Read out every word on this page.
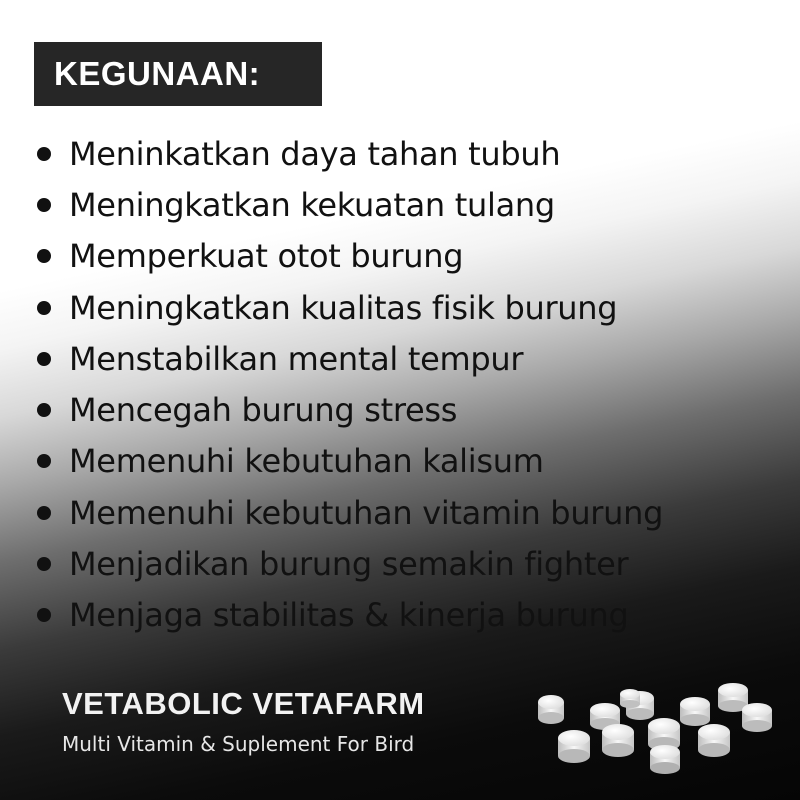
KEGUNAAN:
Meninkatkan daya tahan tubuh
Meningkatkan kekuatan tulang
Memperkuat otot burung
Meningkatkan kualitas fisik burung
Menstabilkan mental tempur
Mencegah burung stress
Memenuhi kebutuhan kalisum
Memenuhi kebutuhan vitamin burung
Menjadikan burung semakin fighter
Menjaga stabilitas & kinerja burung
VETABOLIC VETAFARM
Multi Vitamin & Suplement For Bird
